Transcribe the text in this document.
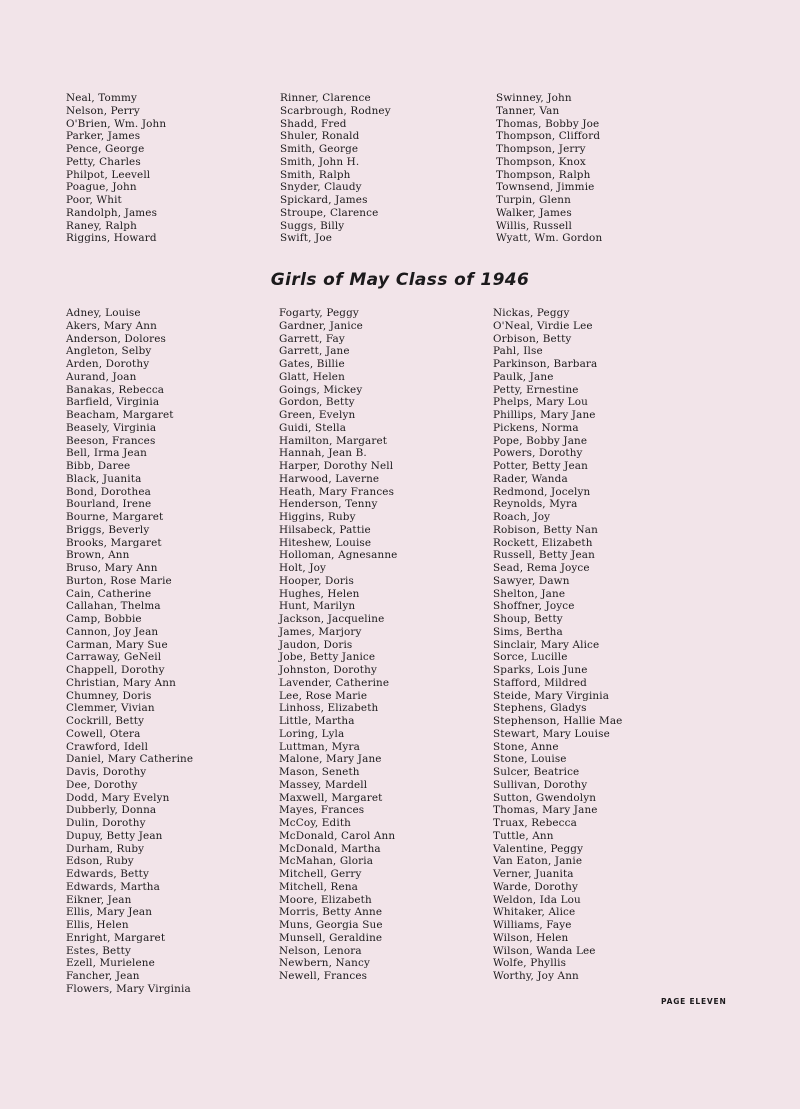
Neal, Tommy
Nelson, Perry
O'Brien, Wm. John
Parker, James
Pence, George
Petty, Charles
Philpot, Leevell
Poague, John
Poor, Whit
Randolph, James
Raney, Ralph
Riggins, Howard
Rinner, Clarence
Scarbrough, Rodney
Shadd, Fred
Shuler, Ronald
Smith, George
Smith, John H.
Smith, Ralph
Snyder, Claudy
Spickard, James
Stroupe, Clarence
Suggs, Billy
Swift, Joe
Swinney, John
Tanner, Van
Thomas, Bobby Joe
Thompson, Clifford
Thompson, Jerry
Thompson, Knox
Thompson, Ralph
Townsend, Jimmie
Turpin, Glenn
Walker, James
Willis, Russell
Wyatt, Wm. Gordon
Girls of May Class of 1946
Adney, Louise
Akers, Mary Ann
Anderson, Dolores
Angleton, Selby
Arden, Dorothy
Aurand, Joan
Banakas, Rebecca
Barfield, Virginia
Beacham, Margaret
Beasely, Virginia
Beeson, Frances
Bell, Irma Jean
Bibb, Daree
Black, Juanita
Bond, Dorothea
Bourland, Irene
Bourne, Margaret
Briggs, Beverly
Brooks, Margaret
Brown, Ann
Bruso, Mary Ann
Burton, Rose Marie
Cain, Catherine
Callahan, Thelma
Camp, Bobbie
Cannon, Joy Jean
Carman, Mary Sue
Carraway, GeNeil
Chappell, Dorothy
Christian, Mary Ann
Chumney, Doris
Clemmer, Vivian
Cockrill, Betty
Cowell, Otera
Crawford, Idell
Daniel, Mary Catherine
Davis, Dorothy
Dee, Dorothy
Dodd, Mary Evelyn
Dubberly, Donna
Dulin, Dorothy
Dupuy, Betty Jean
Durham, Ruby
Edson, Ruby
Edwards, Betty
Edwards, Martha
Eikner, Jean
Ellis, Mary Jean
Ellis, Helen
Enright, Margaret
Estes, Betty
Ezell, Murielene
Fancher, Jean
Flowers, Mary Virginia
Fogarty, Peggy
Gardner, Janice
Garrett, Fay
Garrett, Jane
Gates, Billie
Glatt, Helen
Goings, Mickey
Gordon, Betty
Green, Evelyn
Guidi, Stella
Hamilton, Margaret
Hannah, Jean B.
Harper, Dorothy Nell
Harwood, Laverne
Heath, Mary Frances
Henderson, Tenny
Higgins, Ruby
Hilsabeck, Pattie
Hiteshew, Louise
Holloman, Agnesanne
Holt, Joy
Hooper, Doris
Hughes, Helen
Hunt, Marilyn
Jackson, Jacqueline
James, Marjory
Jaudon, Doris
Jobe, Betty Janice
Johnston, Dorothy
Lavender, Catherine
Lee, Rose Marie
Linhoss, Elizabeth
Little, Martha
Loring, Lyla
Luttman, Myra
Malone, Mary Jane
Mason, Seneth
Massey, Mardell
Maxwell, Margaret
Mayes, Frances
McCoy, Edith
McDonald, Carol Ann
McDonald, Martha
McMahan, Gloria
Mitchell, Gerry
Mitchell, Rena
Moore, Elizabeth
Morris, Betty Anne
Muns, Georgia Sue
Munsell, Geraldine
Nelson, Lenora
Newbern, Nancy
Newell, Frances
Nickas, Peggy
O'Neal, Virdie Lee
Orbison, Betty
Pahl, Ilse
Parkinson, Barbara
Paulk, Jane
Petty, Ernestine
Phelps, Mary Lou
Phillips, Mary Jane
Pickens, Norma
Pope, Bobby Jane
Powers, Dorothy
Potter, Betty Jean
Rader, Wanda
Redmond, Jocelyn
Reynolds, Myra
Roach, Joy
Robison, Betty Nan
Rockett, Elizabeth
Russell, Betty Jean
Sead, Rema Joyce
Sawyer, Dawn
Shelton, Jane
Shoffner, Joyce
Shoup, Betty
Sims, Bertha
Sinclair, Mary Alice
Sorce, Lucille
Sparks, Lois June
Stafford, Mildred
Steide, Mary Virginia
Stephens, Gladys
Stephenson, Hallie Mae
Stewart, Mary Louise
Stone, Anne
Stone, Louise
Sulcer, Beatrice
Sullivan, Dorothy
Sutton, Gwendolyn
Thomas, Mary Jane
Truax, Rebecca
Tuttle, Ann
Valentine, Peggy
Van Eaton, Janie
Verner, Juanita
Warde, Dorothy
Weldon, Ida Lou
Whitaker, Alice
Williams, Faye
Wilson, Helen
Wilson, Wanda Lee
Wolfe, Phyllis
Worthy, Joy Ann
PAGE ELEVEN
